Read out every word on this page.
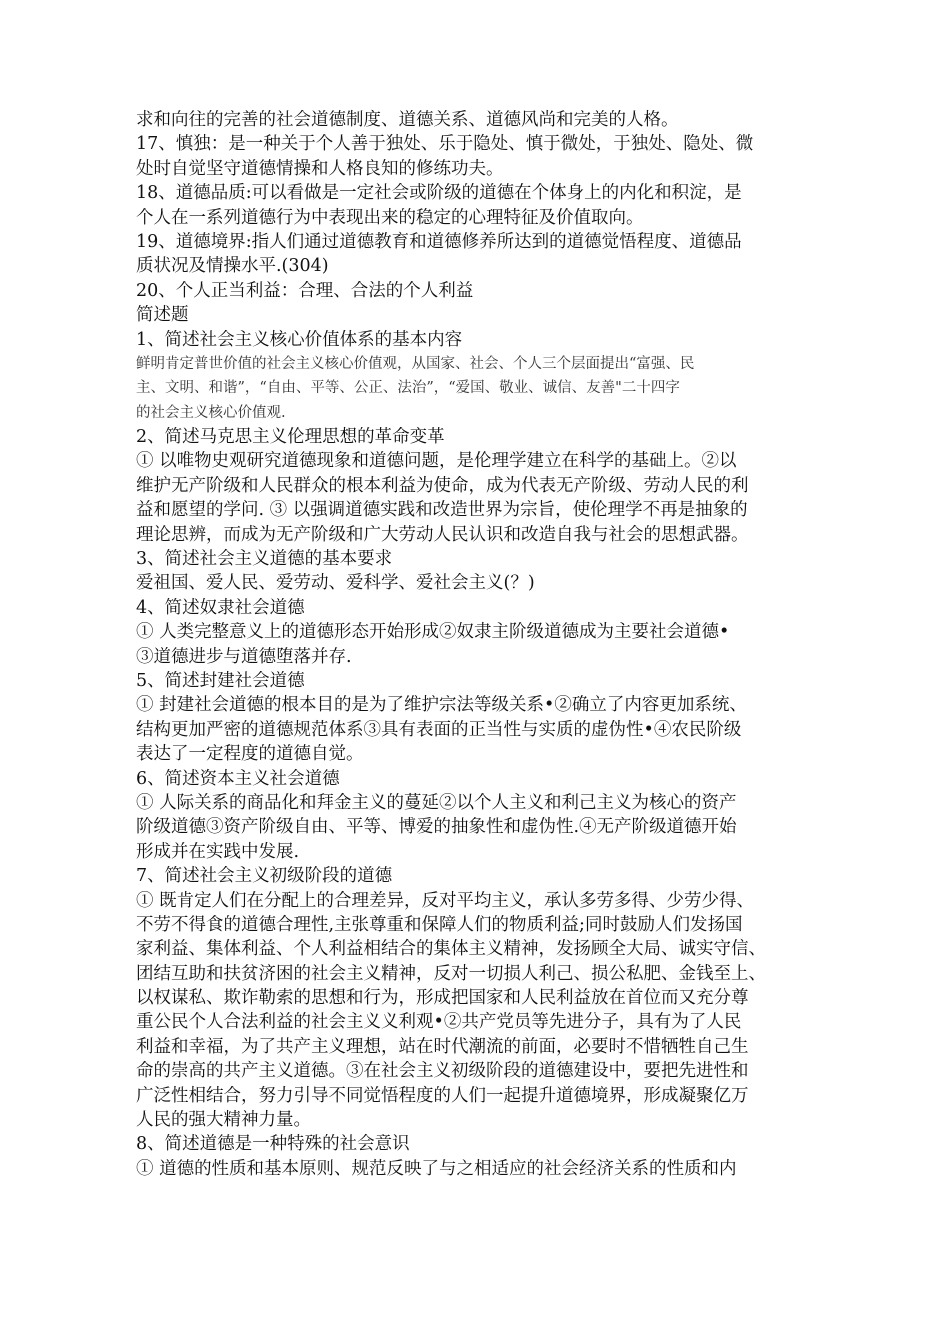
求和向往的完善的社会道德制度、道德关系、道德风尚和完美的人格。
17、慎独：是一种关于个人善于独处、乐于隐处、慎于微处，于独处、隐处、微
处时自觉坚守道德情操和人格良知的修练功夫。
18、道德品质:可以看做是一定社会或阶级的道德在个体身上的内化和积淀，是
个人在一系列道德行为中表现出来的稳定的心理特征及价值取向。
19、道德境界:指人们通过道德教育和道德修养所达到的道德觉悟程度、道德品
质状况及情操水平.(304)
20、个人正当利益：合理、合法的个人利益
简述题
1、简述社会主义核心价值体系的基本内容
鲜明肯定普世价值的社会主义核心价值观，从国家、社会、个人三个层面提出“富强、民
主、文明、和谐”，“自由、平等、公正、法治”，“爱国、敬业、诚信、友善"二十四字
的社会主义核心价值观.
2、简述马克思主义伦理思想的革命变革
① 以唯物史观研究道德现象和道德问题，是伦理学建立在科学的基础上。②以
维护无产阶级和人民群众的根本利益为使命，成为代表无产阶级、劳动人民的利
益和愿望的学问. ③ 以强调道德实践和改造世界为宗旨，使伦理学不再是抽象的
理论思辨，而成为无产阶级和广大劳动人民认识和改造自我与社会的思想武器。
3、简述社会主义道德的基本要求
爱祖国、爱人民、爱劳动、爱科学、爱社会主义(？)
4、简述奴隶社会道德
① 人类完整意义上的道德形态开始形成②奴隶主阶级道德成为主要社会道德•
③道德进步与道德堕落并存.
5、简述封建社会道德
① 封建社会道德的根本目的是为了维护宗法等级关系•②确立了内容更加系统、
结构更加严密的道德规范体系③具有表面的正当性与实质的虚伪性•④农民阶级
表达了一定程度的道德自觉。
6、简述资本主义社会道德
① 人际关系的商品化和拜金主义的蔓延②以个人主义和利己主义为核心的资产
阶级道德③资产阶级自由、平等、博爱的抽象性和虚伪性.④无产阶级道德开始
形成并在实践中发展.
7、简述社会主义初级阶段的道德
① 既肯定人们在分配上的合理差异，反对平均主义，承认多劳多得、少劳少得、
不劳不得食的道德合理性,主张尊重和保障人们的物质利益;同时鼓励人们发扬国
家利益、集体利益、个人利益相结合的集体主义精神，发扬顾全大局、诚实守信、
团结互助和扶贫济困的社会主义精神，反对一切损人利己、损公私肥、金钱至上、
以权谋私、欺诈勒索的思想和行为，形成把国家和人民利益放在首位而又充分尊
重公民个人合法利益的社会主义义利观•②共产党员等先进分子，具有为了人民
利益和幸福，为了共产主义理想，站在时代潮流的前面，必要时不惜牺牲自己生
命的崇高的共产主义道德。③在社会主义初级阶段的道德建设中，要把先进性和
广泛性相结合，努力引导不同觉悟程度的人们一起提升道德境界，形成凝聚亿万
人民的强大精神力量。
8、简述道德是一种特殊的社会意识
① 道德的性质和基本原则、规范反映了与之相适应的社会经济关系的性质和内
